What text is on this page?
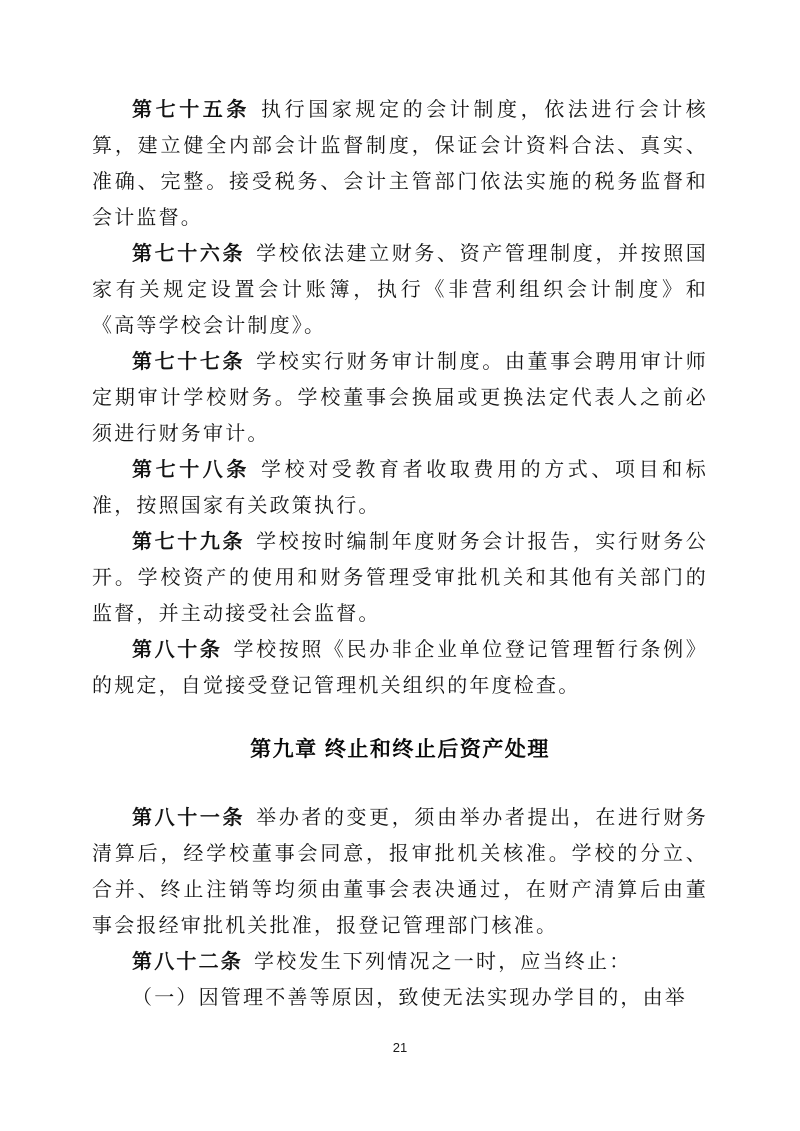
第七十五条 执行国家规定的会计制度，依法进行会计核算，建立健全内部会计监督制度，保证会计资料合法、真实、准确、完整。接受税务、会计主管部门依法实施的税务监督和会计监督。

第七十六条 学校依法建立财务、资产管理制度，并按照国家有关规定设置会计账簿，执行《非营利组织会计制度》和《高等学校会计制度》。

第七十七条 学校实行财务审计制度。由董事会聘用审计师定期审计学校财务。学校董事会换届或更换法定代表人之前必须进行财务审计。

第七十八条 学校对受教育者收取费用的方式、项目和标准，按照国家有关政策执行。

第七十九条 学校按时编制年度财务会计报告，实行财务公开。学校资产的使用和财务管理受审批机关和其他有关部门的监督，并主动接受社会监督。

第八十条 学校按照《民办非企业单位登记管理暂行条例》的规定，自觉接受登记管理机关组织的年度检查。

第九章 终止和终止后资产处理

第八十一条 举办者的变更，须由举办者提出，在进行财务清算后，经学校董事会同意，报审批机关核准。学校的分立、合并、终止注销等均须由董事会表决通过，在财产清算后由董事会报经审批机关批准，报登记管理部门核准。

第八十二条 学校发生下列情况之一时，应当终止：

（一）因管理不善等原因，致使无法实现办学目的，由举

21
